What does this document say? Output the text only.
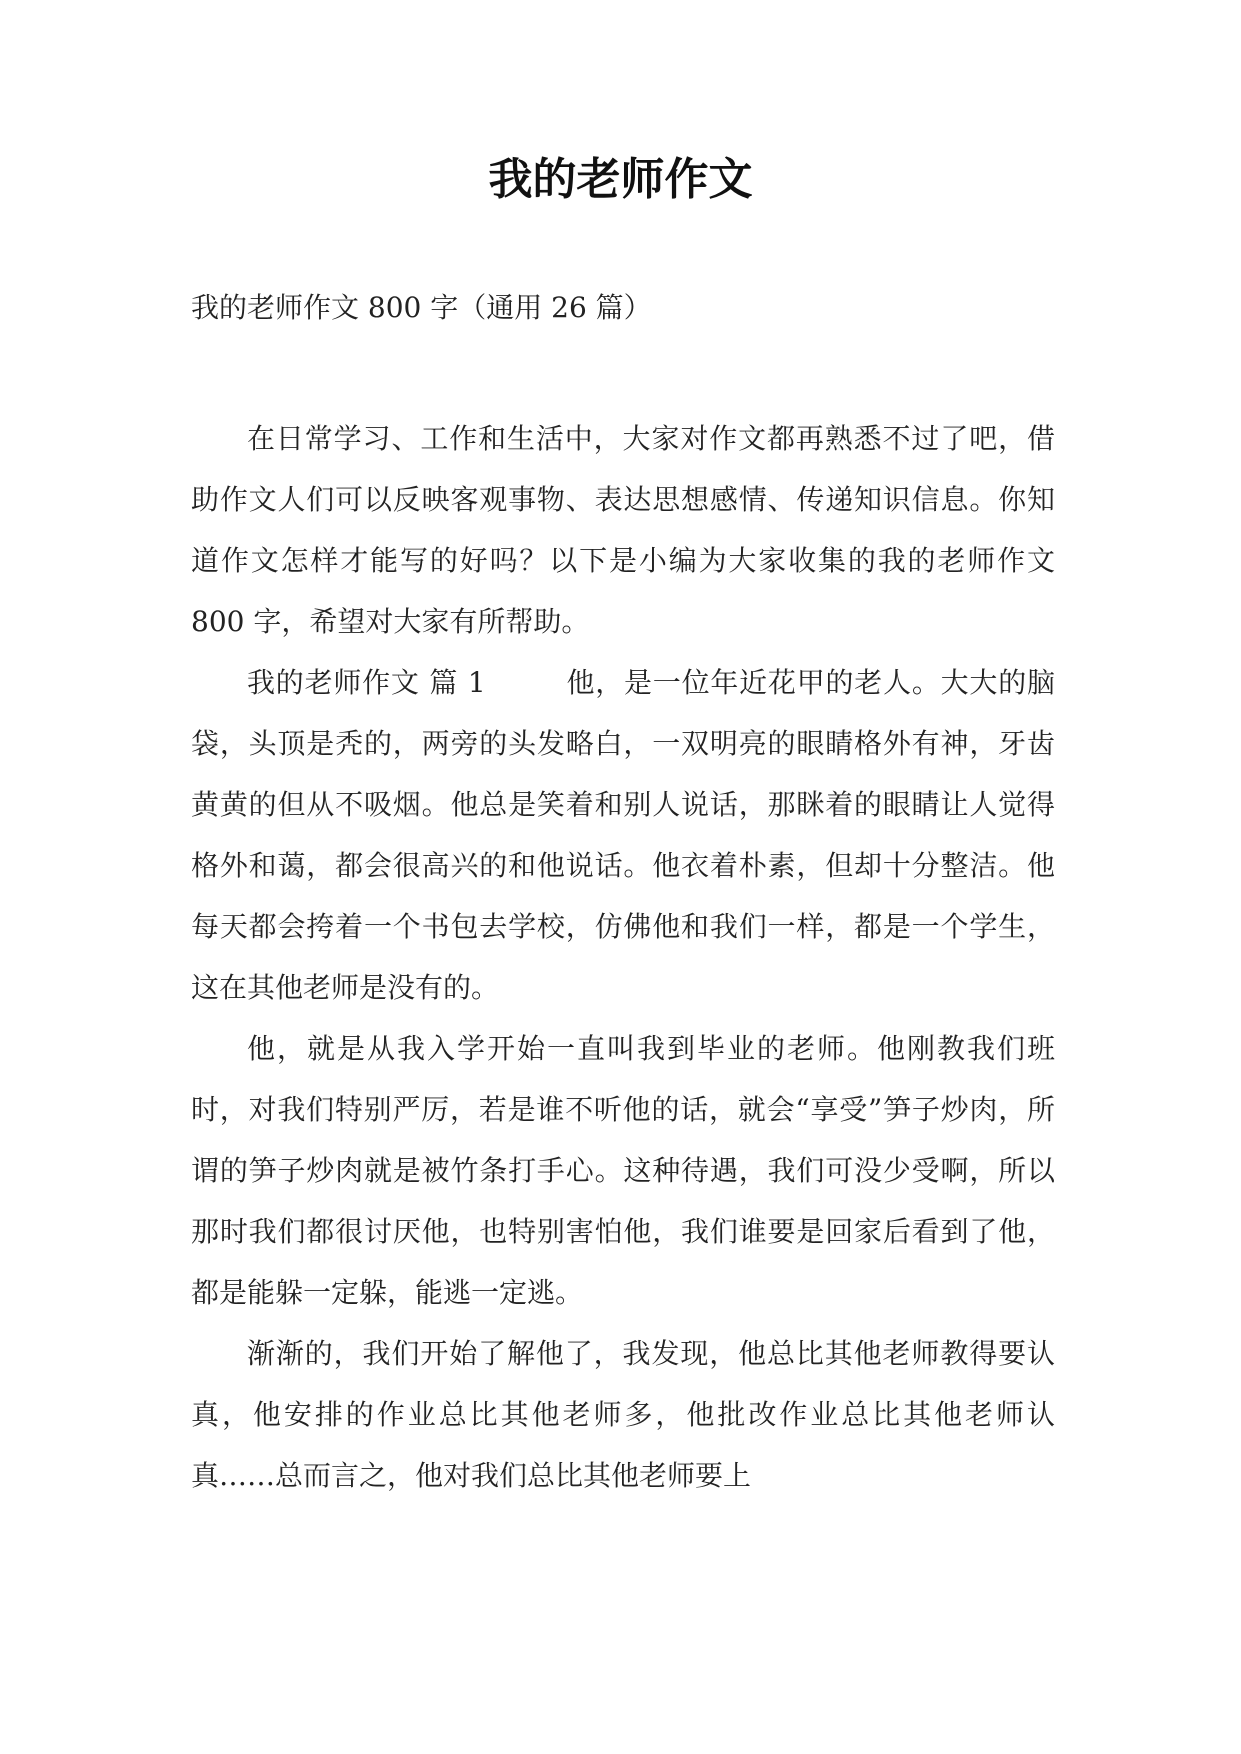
我的老师作文

我的老师作文 800 字（通用 26 篇）

在日常学习、工作和生活中，大家对作文都再熟悉不过了吧，借助作文人们可以反映客观事物、表达思想感情、传递知识信息。你知道作文怎样才能写的好吗？以下是小编为大家收集的我的老师作文 800 字，希望对大家有所帮助。

我的老师作文 篇 1	他，是一位年近花甲的老人。大大的脑袋，头顶是秃的，两旁的头发略白，一双明亮的眼睛格外有神，牙齿黄黄的但从不吸烟。他总是笑着和别人说话，那眯着的眼睛让人觉得格外和蔼，都会很高兴的和他说话。他衣着朴素，但却十分整洁。他每天都会挎着一个书包去学校，仿佛他和我们一样，都是一个学生，这在其他老师是没有的。

他，就是从我入学开始一直叫我到毕业的老师。他刚教我们班时，对我们特别严厉，若是谁不听他的话，就会“享受”笋子炒肉，所谓的笋子炒肉就是被竹条打手心。这种待遇，我们可没少受啊，所以那时我们都很讨厌他，也特别害怕他，我们谁要是回家后看到了他，都是能躲一定躲，能逃一定逃。

渐渐的，我们开始了解他了，我发现，他总比其他老师教得要认真，他安排的作业总比其他老师多，他批改作业总比其他老师认真……总而言之，他对我们总比其他老师要上
